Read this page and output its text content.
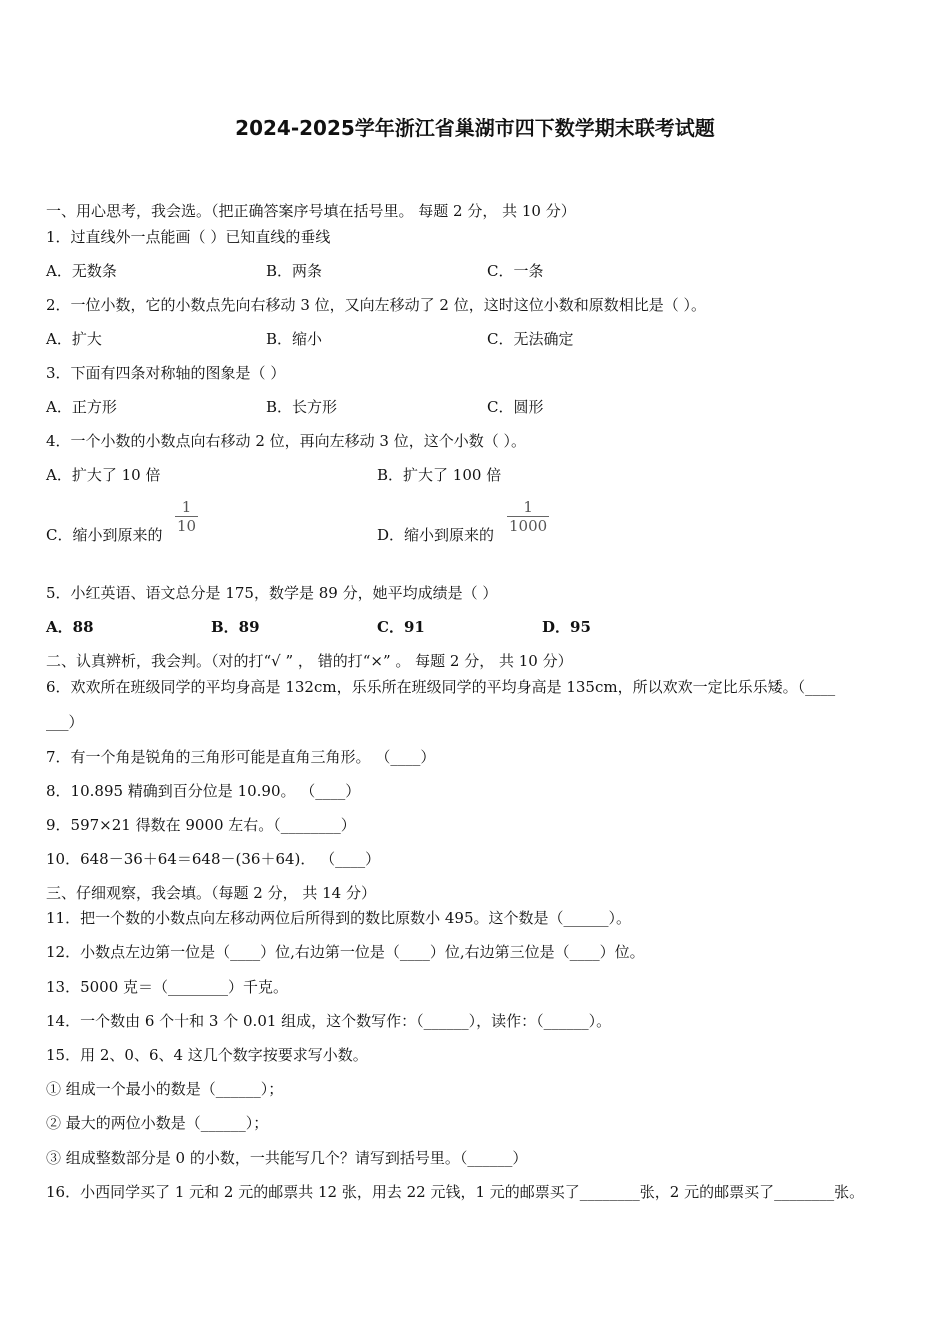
2024-2025学年浙江省巢湖市四下数学期末联考试题
一、用心思考，我会选。（把正确答案序号填在括号里。 每题 2 分， 共 10 分）
1．过直线外一点能画（ ）已知直线的垂线
A．无数条	B．两条	C．一条
2．一位小数，它的小数点先向右移动 3 位，又向左移动了 2 位，这时这位小数和原数相比是（ ）。
A．扩大	B．缩小	C．无法确定
3．下面有四条对称轴的图象是（ ）
A．正方形	B．长方形	C．圆形
4．一个小数的小数点向右移动 2 位，再向左移动 3 位，这个小数（ ）。
A．扩大了 10 倍	B．扩大了 100 倍
C．缩小到原来的
1
10	D．缩小到原来的
1
1000
5．小红英语、语文总分是 175，数学是 89 分，她平均成绩是（ ）
A．88	B．89	C．91	D．95
二、认真辨析，我会判。（对的打“√ ” ， 错的打“×” 。 每题 2 分， 共 10 分）
6．欢欢所在班级同学的平均身高是 132cm，乐乐所在班级同学的平均身高是 135cm，所以欢欢一定比乐乐矮。（____
___）
7．有一个角是锐角的三角形可能是直角三角形。 （____）
8．10.895 精确到百分位是 10.90。 （____）
9．597×21 得数在 9000 左右。（________）
10．648－36＋64＝648－(36＋64)． （____）
三、仔细观察，我会填。（每题 2 分， 共 14 分）
11．把一个数的小数点向左移动两位后所得到的数比原数小 495。这个数是（______）。
12．小数点左边第一位是（____）位,右边第一位是（____）位,右边第三位是（____）位。
13．5000 克＝（________）千克。
14．一个数由 6 个十和 3 个 0.01 组成，这个数写作：（______），读作：（______）。
15．用 2、0、6、4 这几个数字按要求写小数。
① 组成一个最小的数是（______）；
② 最大的两位小数是（______）；
③ 组成整数部分是 0 的小数，一共能写几个？请写到括号里。（______）
16．小西同学买了 1 元和 2 元的邮票共 12 张，用去 22 元钱，1 元的邮票买了________张，2 元的邮票买了________张。
